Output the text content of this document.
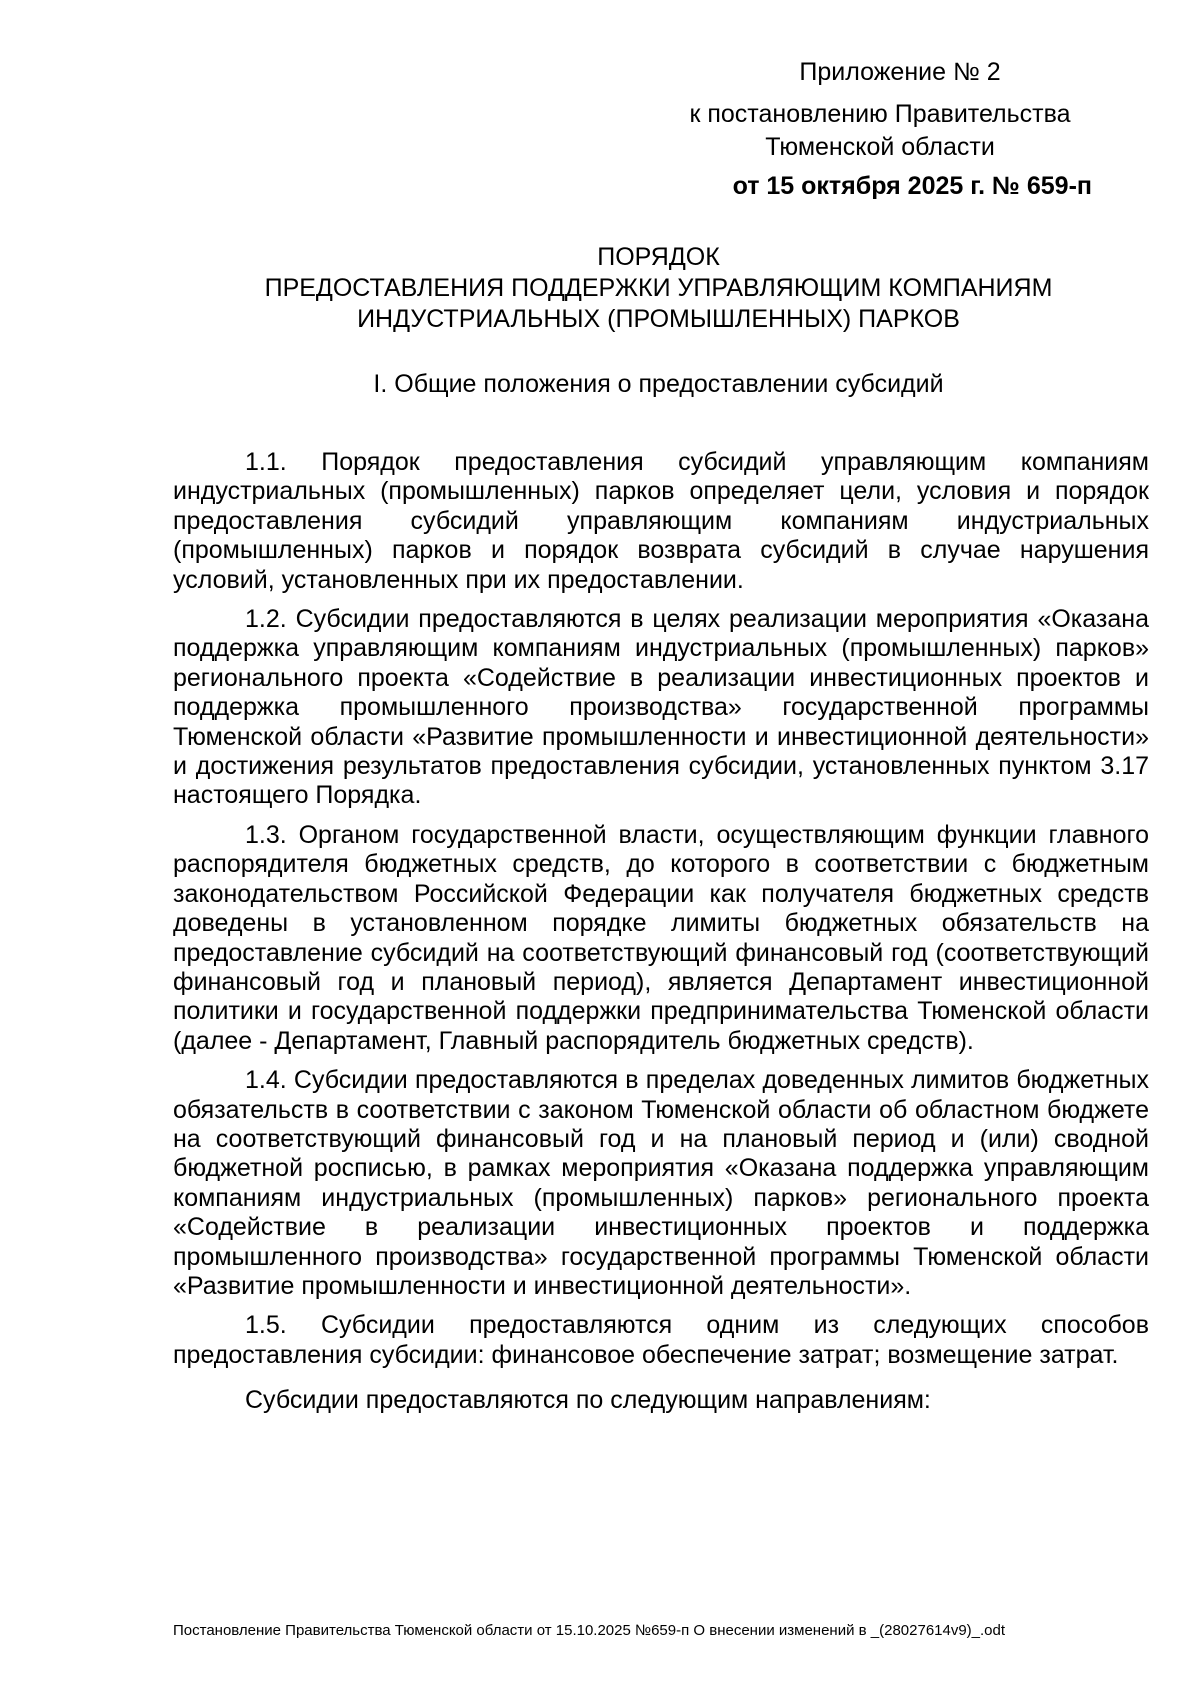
Приложение № 2
к постановлению Правительства Тюменской области
от 15 октября 2025 г. № 659-п
ПОРЯДОК
ПРЕДОСТАВЛЕНИЯ ПОДДЕРЖКИ УПРАВЛЯЮЩИМ КОМПАНИЯМ
ИНДУСТРИАЛЬНЫХ (ПРОМЫШЛЕННЫХ) ПАРКОВ
I. Общие положения о предоставлении субсидий

1.1. Порядок предоставления субсидий управляющим компаниям индустриальных (промышленных) парков определяет цели, условия и порядок предоставления субсидий управляющим компаниям индустриальных (промышленных) парков и порядок возврата субсидий в случае нарушения условий, установленных при их предоставлении.

1.2. Субсидии предоставляются в целях реализации мероприятия «Оказана поддержка управляющим компаниям индустриальных (промышленных) парков» регионального проекта «Содействие в реализации инвестиционных проектов и поддержка промышленного производства» государственной программы Тюменской области «Развитие промышленности и инвестиционной деятельности» и достижения результатов предоставления субсидии, установленных пунктом 3.17 настоящего Порядка.

1.3. Органом государственной власти, осуществляющим функции главного распорядителя бюджетных средств, до которого в соответствии с бюджетным законодательством Российской Федерации как получателя бюджетных средств доведены в установленном порядке лимиты бюджетных обязательств на предоставление субсидий на соответствующий финансовый год (соответствующий финансовый год и плановый период), является Департамент инвестиционной политики и государственной поддержки предпринимательства Тюменской области (далее - Департамент, Главный распорядитель бюджетных средств).

1.4. Субсидии предоставляются в пределах доведенных лимитов бюджетных обязательств в соответствии с законом Тюменской области об областном бюджете на соответствующий финансовый год и на плановый период и (или) сводной бюджетной росписью, в рамках мероприятия «Оказана поддержка управляющим компаниям индустриальных (промышленных) парков» регионального проекта «Содействие в реализации инвестиционных проектов и поддержка промышленного производства» государственной программы Тюменской области «Развитие промышленности и инвестиционной деятельности».

1.5. Субсидии предоставляются одним из следующих способов предоставления субсидии: финансовое обеспечение затрат; возмещение затрат.

Субсидии предоставляются по следующим направлениям:

Постановление Правительства Тюменской области от 15.10.2025 №659-п О внесении изменений в _(28027614v9)_.odt
